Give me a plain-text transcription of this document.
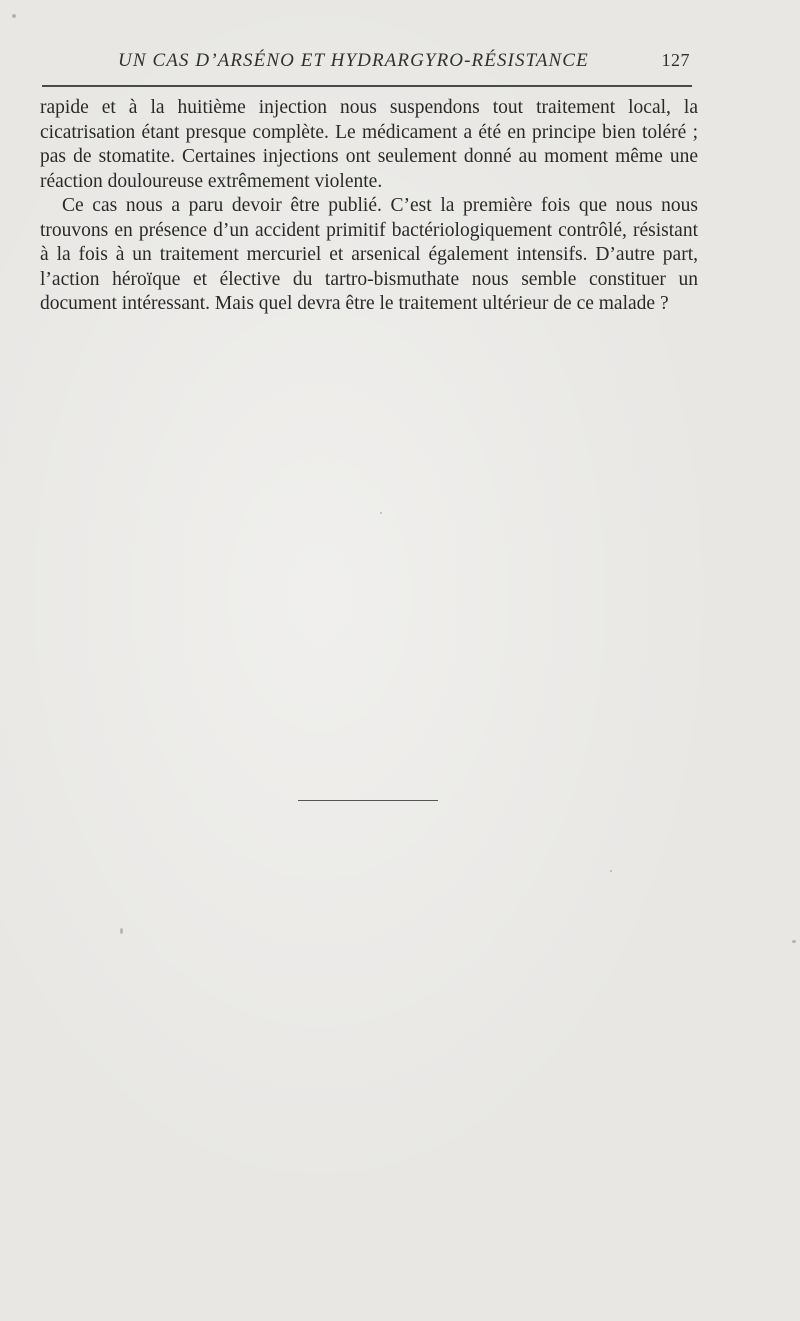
UN CAS D’ARSÉNO ET HYDRARGYRO-RÉSISTANCE	127

rapide et à la huitième injection nous suspendons tout traitement local, la cicatrisation étant presque complète. Le médicament a été en principe bien toléré ; pas de stomatite. Certaines injections ont seulement donné au moment même une réaction douloureuse extrêmement violente.

Ce cas nous a paru devoir être publié. C’est la première fois que nous nous trouvons en présence d’un accident primitif bactériologiquement contrôlé, résistant à la fois à un traitement mercuriel et arsenical également intensifs. D’autre part, l’action héroïque et élective du tartro-bismuthate nous semble constituer un document intéressant. Mais quel devra être le traitement ultérieur de ce malade ?
